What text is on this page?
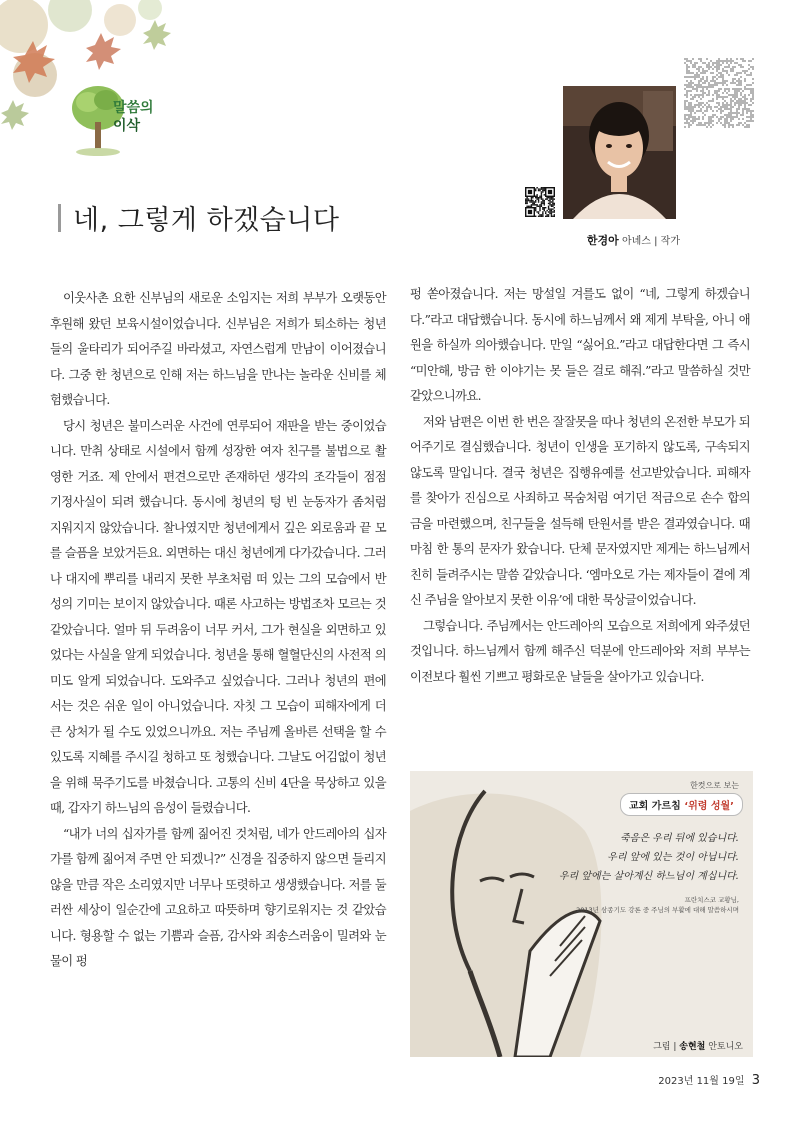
말씀의
이삭
한경아 아녜스 | 작가
네, 그렇게 하겠습니다

이웃사촌 요한 신부님의 새로운 소임지는 저희 부부가 오랫동안 후원해 왔던 보육시설이었습니다. 신부님은 저희가 퇴소하는 청년들의 울타리가 되어주길 바라셨고, 자연스럽게 만남이 이어졌습니다. 그중 한 청년으로 인해 저는 하느님을 만나는 놀라운 신비를 체험했습니다.

당시 청년은 불미스러운 사건에 연루되어 재판을 받는 중이었습니다. 만취 상태로 시설에서 함께 성장한 여자 친구를 불법으로 촬영한 거죠. 제 안에서 편견으로만 존재하던 생각의 조각들이 점점 기정사실이 되려 했습니다. 동시에 청년의 텅 빈 눈동자가 좀처럼 지워지지 않았습니다. 찰나였지만 청년에게서 깊은 외로움과 끝 모를 슬픔을 보았거든요. 외면하는 대신 청년에게 다가갔습니다. 그러나 대지에 뿌리를 내리지 못한 부초처럼 떠 있는 그의 모습에서 반성의 기미는 보이지 않았습니다. 때론 사고하는 방법조차 모르는 것 같았습니다. 얼마 뒤 두려움이 너무 커서, 그가 현실을 외면하고 있었다는 사실을 알게 되었습니다. 청년을 통해 혈혈단신의 사전적 의미도 알게 되었습니다. 도와주고 싶었습니다. 그러나 청년의 편에 서는 것은 쉬운 일이 아니었습니다. 자칫 그 모습이 피해자에게 더 큰 상처가 될 수도 있었으니까요. 저는 주님께 올바른 선택을 할 수 있도록 지혜를 주시길 청하고 또 청했습니다. 그날도 어김없이 청년을 위해 묵주기도를 바쳤습니다. 고통의 신비 4단을 묵상하고 있을 때, 갑자기 하느님의 음성이 들렸습니다.

“내가 너의 십자가를 함께 짊어진 것처럼, 네가 안드레아의 십자가를 함께 짊어져 주면 안 되겠니?” 신경을 집중하지 않으면 들리지 않을 만큼 작은 소리였지만 너무나 또렷하고 생생했습니다. 저를 둘러싼 세상이 일순간에 고요하고 따뜻하며 향기로워지는 것 같았습니다. 형용할 수 없는 기쁨과 슬픔, 감사와 죄송스러움이 밀려와 눈물이 펑

펑 쏟아졌습니다. 저는 망설일 겨를도 없이 “네, 그렇게 하겠습니다.”라고 대답했습니다. 동시에 하느님께서 왜 제게 부탁을, 아니 애원을 하실까 의아했습니다. 만일 “싫어요.”라고 대답한다면 그 즉시 “미안해, 방금 한 이야기는 못 들은 걸로 해줘.”라고 말씀하실 것만 같았으니까요.

저와 남편은 이번 한 번은 잘잘못을 따나 청년의 온전한 부모가 되어주기로 결심했습니다. 청년이 인생을 포기하지 않도록, 구속되지 않도록 말입니다. 결국 청년은 집행유예를 선고받았습니다. 피해자를 찾아가 진심으로 사죄하고 목숨처럼 여기던 적금으로 손수 합의금을 마련했으며, 친구들을 설득해 탄원서를 받은 결과였습니다. 때마침 한 통의 문자가 왔습니다. 단체 문자였지만 제게는 하느님께서 친히 들려주시는 말씀 같았습니다. ‘엠마오로 가는 제자들이 곁에 계신 주님을 알아보지 못한 이유’에 대한 묵상글이었습니다.

그렇습니다. 주님께서는 안드레아의 모습으로 저희에게 와주셨던 것입니다. 하느님께서 함께 해주신 덕분에 안드레아와 저희 부부는 이전보다 훨씬 기쁘고 평화로운 날들을 살아가고 있습니다.

한컷으로 보는
교회 가르침 ‘위령 성월’
죽음은 우리 뒤에 있습니다.
우리 앞에 있는 것이 아닙니다.
우리 앞에는 살아계신 하느님이 계십니다.
프란치스코 교황님,
2013년 삼종기도 강론 중 주님의 부활에 대해 말씀하시며
그림 | 송현철 안토니오
2023년 11월 19일 3
